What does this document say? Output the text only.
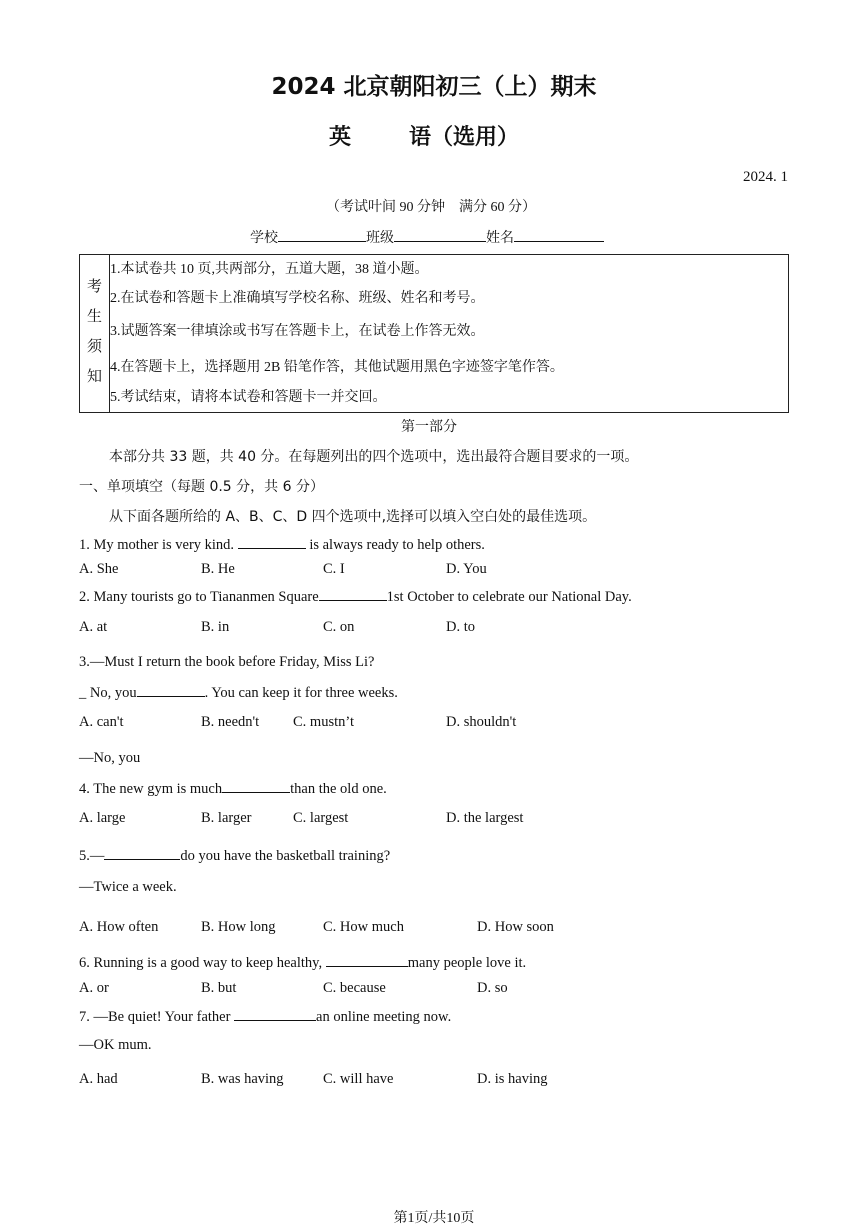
2024 北京朝阳初三（上）期末
英	语（选用）
2024. 1
（考试叶间 90 分钟　满分 60 分）
学校	班级	姓名
考
生
须
知
1.本试卷共 10 页,共两部分，五道大题，38 道小题。
2.在试卷和答题卡上准确填写学校名称、班级、姓名和考号。
3.试题答案一律填涂或书写在答题卡上，在试卷上作答无效。
4.在答题卡上，选择题用 2B 铅笔作答，其他试题用黑色字迹签字笔作答。
5.考试结束，请将本试卷和答题卡一并交回。
第一部分
本部分共 33 题，共 40 分。在每题列出的四个选项中，选出最符合题目要求的一项。
一、单项填空（每题 0.5 分，共 6 分）
从下面各题所给的 A、B、C、D 四个选项中,选择可以填入空白处的最佳选项。
1. My mother is very kind.	is always ready to help others.
A. She	B. He	C. I	D. You
2. Many tourists go to Tiananmen Square	1st October to celebrate our National Day.
A. at	B. in	C. on	D. to
3.—Must I return the book before Friday, Miss Li?
_ No, you	. You can keep it for three weeks.
A. can't	B. needn't C. mustn’t	D. shouldn't
—No, you
4. The new gym is much	than the old one.
A. large	B. larger	C. largest	D. the largest
5.—	do you have the basketball training?
—Twice a week.
A. How often	B. How long	C. How much	D. How soon
6. Running is a good way to keep healthy,	many people love it.
A. or	B. but	C. because	D. so
7. —Be quiet! Your father	an online meeting now.
—OK mum.
A. had	B. was having	C. will have	D. is having
第1页/共10页
